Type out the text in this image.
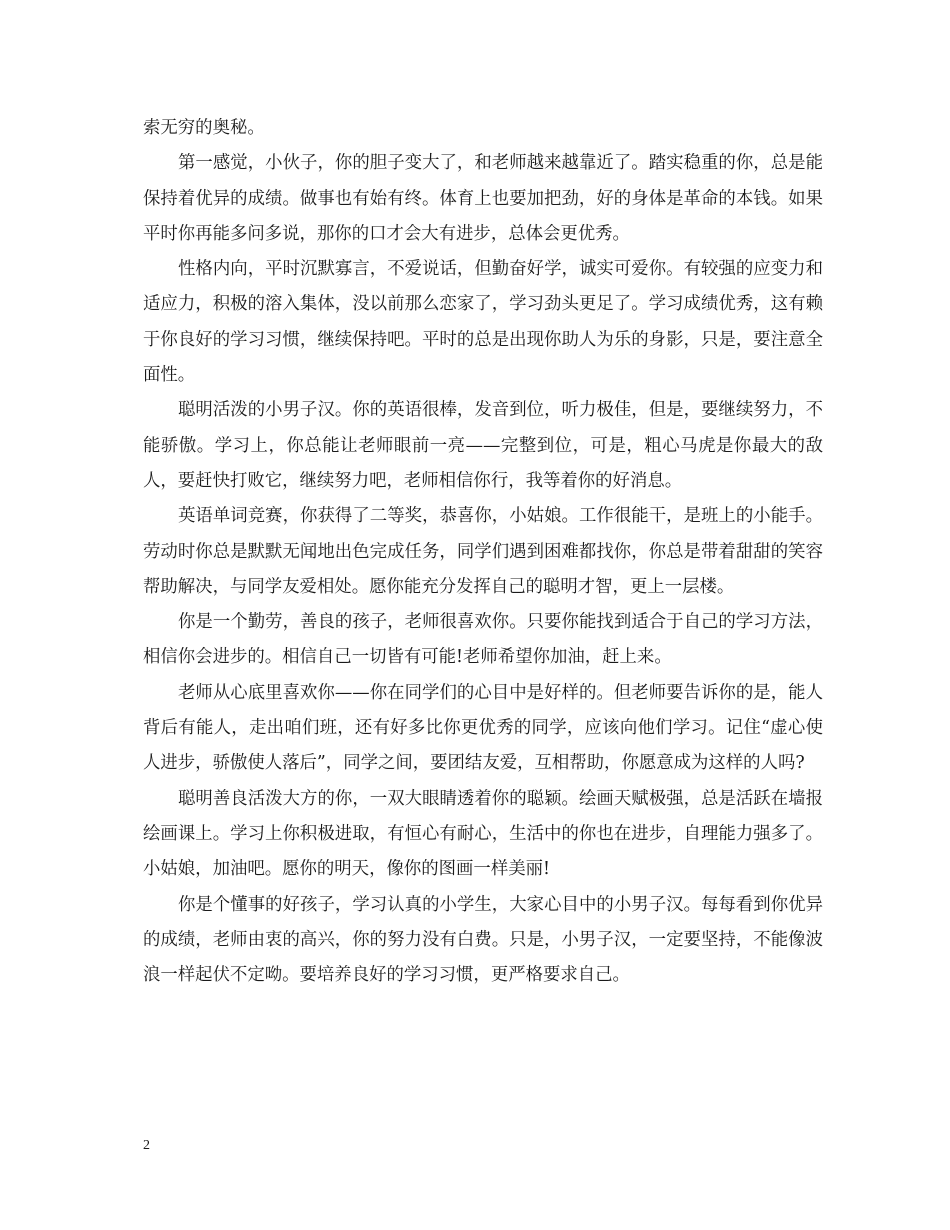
索无穷的奥秘。

第一感觉，小伙子，你的胆子变大了，和老师越来越靠近了。踏实稳重的你，总是能保持着优异的成绩。做事也有始有终。体育上也要加把劲，好的身体是革命的本钱。如果平时你再能多问多说，那你的口才会大有进步，总体会更优秀。

性格内向，平时沉默寡言，不爱说话，但勤奋好学，诚实可爱你。有较强的应变力和适应力，积极的溶入集体，没以前那么恋家了，学习劲头更足了。学习成绩优秀，这有赖于你良好的学习习惯，继续保持吧。平时的总是出现你助人为乐的身影，只是，要注意全面性。

聪明活泼的小男子汉。你的英语很棒，发音到位，听力极佳，但是，要继续努力，不能骄傲。学习上，你总能让老师眼前一亮——完整到位，可是，粗心马虎是你最大的敌人，要赶快打败它，继续努力吧，老师相信你行，我等着你的好消息。

英语单词竞赛，你获得了二等奖，恭喜你，小姑娘。工作很能干，是班上的小能手。劳动时你总是默默无闻地出色完成任务，同学们遇到困难都找你，你总是带着甜甜的笑容帮助解决，与同学友爱相处。愿你能充分发挥自己的聪明才智，更上一层楼。

你是一个勤劳，善良的孩子，老师很喜欢你。只要你能找到适合于自己的学习方法，相信你会进步的。相信自己一切皆有可能!老师希望你加油，赶上来。

老师从心底里喜欢你——你在同学们的心目中是好样的。但老师要告诉你的是，能人背后有能人，走出咱们班，还有好多比你更优秀的同学，应该向他们学习。记住“虚心使人进步，骄傲使人落后”，同学之间，要团结友爱，互相帮助，你愿意成为这样的人吗?

聪明善良活泼大方的你，一双大眼睛透着你的聪颖。绘画天赋极强，总是活跃在墙报绘画课上。学习上你积极进取，有恒心有耐心，生活中的你也在进步，自理能力强多了。小姑娘，加油吧。愿你的明天，像你的图画一样美丽!

你是个懂事的好孩子，学习认真的小学生，大家心目中的小男子汉。每每看到你优异的成绩，老师由衷的高兴，你的努力没有白费。只是，小男子汉，一定要坚持，不能像波浪一样起伏不定呦。要培养良好的学习习惯，更严格要求自己。

2
